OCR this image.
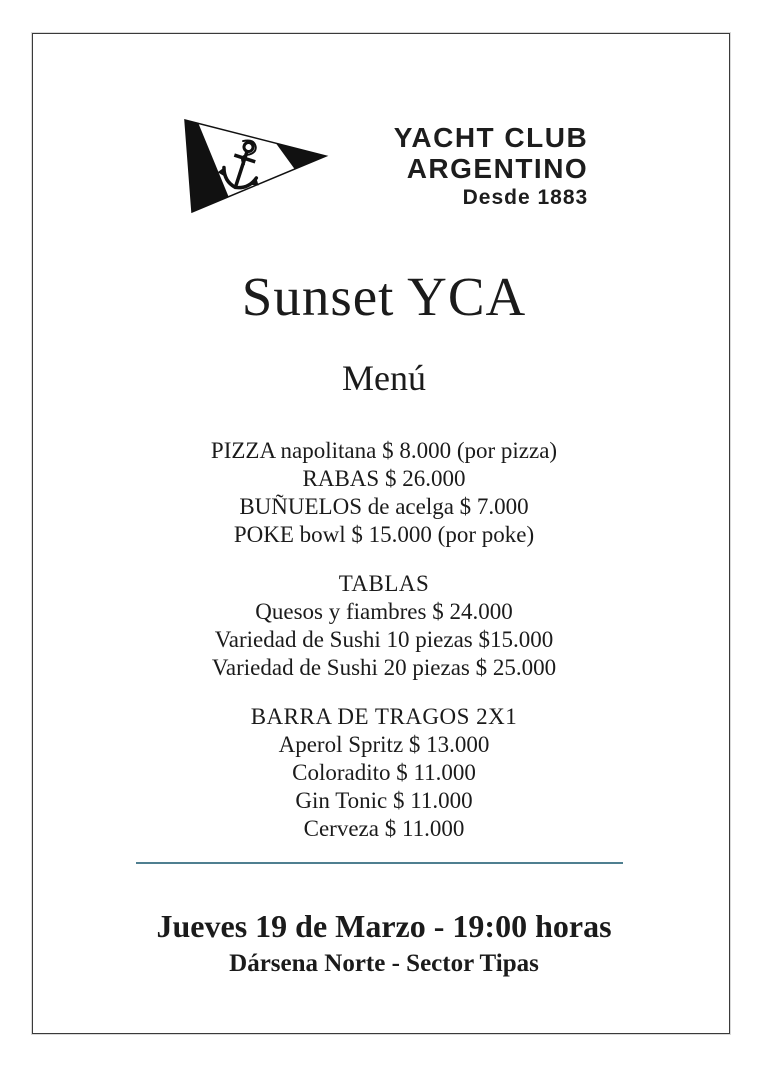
YACHT CLUB
ARGENTINO
Desde 1883
Sunset YCA
Menú
PIZZA napolitana $ 8.000 (por pizza)
RABAS $ 26.000
BUÑUELOS de acelga $ 7.000
POKE bowl $ 15.000 (por poke)
TABLAS
Quesos y fiambres $ 24.000
Variedad de Sushi 10 piezas $15.000
Variedad de Sushi 20 piezas $ 25.000
BARRA DE TRAGOS 2X1
Aperol Spritz $ 13.000
Coloradito $ 11.000
Gin Tonic $ 11.000
Cerveza $ 11.000
Jueves 19 de Marzo - 19:00 horas
Dársena Norte - Sector Tipas
